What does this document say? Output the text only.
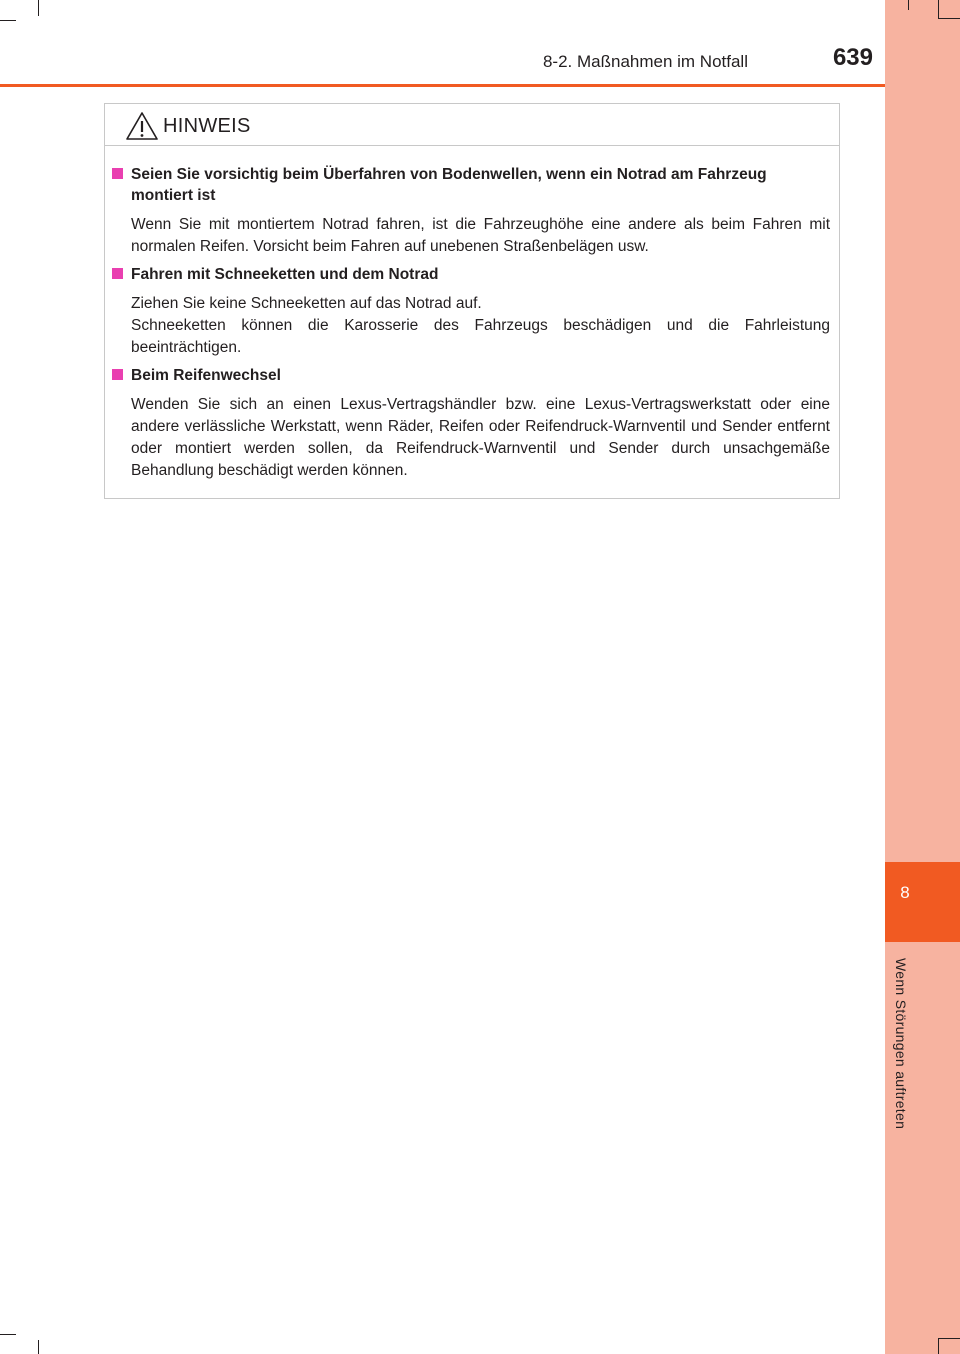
8
Wenn Störungen auftreten
8-2. Maßnahmen im Notfall	639
HINWEIS
Seien Sie vorsichtig beim Überfahren von Bodenwellen, wenn ein Notrad am Fahrzeug montiert ist

Wenn Sie mit montiertem Notrad fahren, ist die Fahrzeughöhe eine andere als beim Fahren mit normalen Reifen. Vorsicht beim Fahren auf unebenen Straßenbelägen usw.

Fahren mit Schneeketten und dem Notrad

Ziehen Sie keine Schneeketten auf das Notrad auf.

Schneeketten können die Karosserie des Fahrzeugs beschädigen und die Fahrleistung beeinträchtigen.

Beim Reifenwechsel

Wenden Sie sich an einen Lexus-Vertragshändler bzw. eine Lexus-Vertragswerkstatt oder eine andere verlässliche Werkstatt, wenn Räder, Reifen oder Reifendruck-Warnventil und Sender entfernt oder montiert werden sollen, da Reifendruck-Warnventil und Sender durch unsachgemäße Behandlung beschädigt werden können.
